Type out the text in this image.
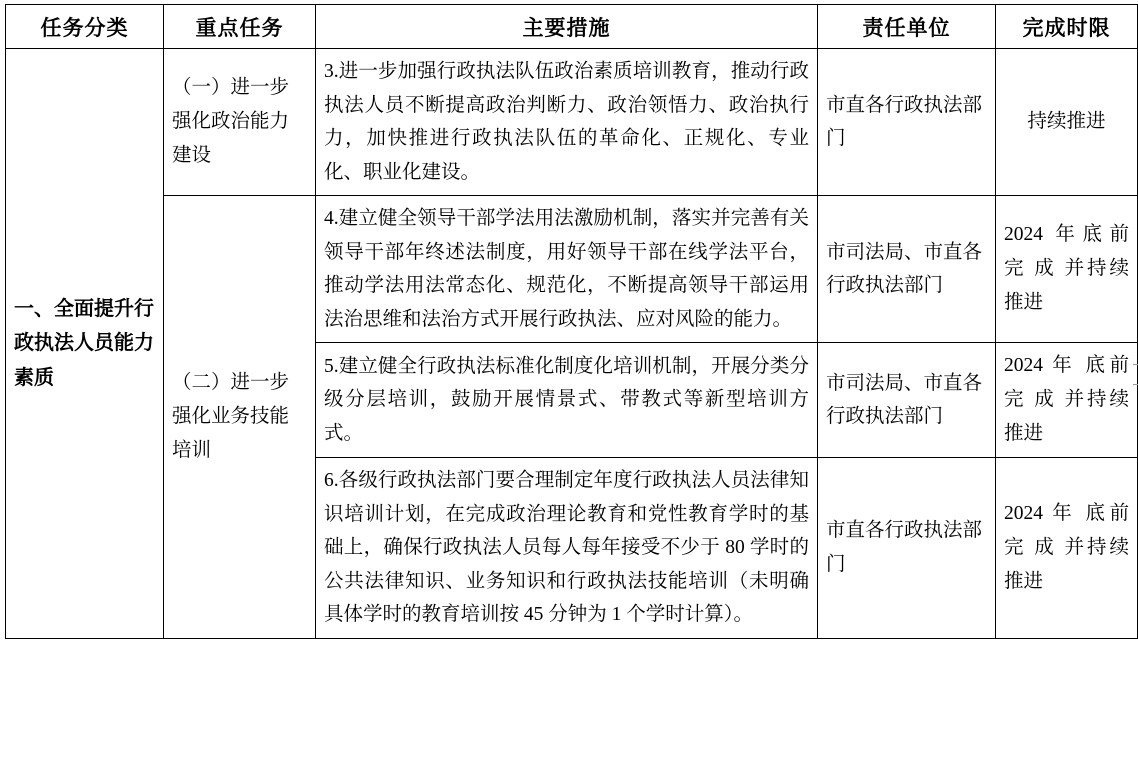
任务分类	重点任务	主要措施	责任单位	完成时限
一、全面提升行政执法人员能力素质	（一）进一步强化政治能力建设	3.进一步加强行政执法队伍政治素质培训教育，推动行政执法人员不断提高政治判断力、政治领悟力、政治执行力，加快推进行政执法队伍的革命化、正规化、专业化、职业化建设。	市直各行政执法部门	持续推进
	（二）进一步强化业务技能培训	4.建立健全领导干部学法用法激励机制，落实并完善有关领导干部年终述法制度，用好领导干部在线学法平台，推动学法用法常态化、规范化，不断提高领导干部运用法治思维和法治方式开展行政执法、应对风险的能力。	市司法局、市直各行政执法部门	2024 年底前 完 成 并持续推进
		5.建立健全行政执法标准化制度化培训机制，开展分类分级分层培训，鼓励开展情景式、带教式等新型培训方式。	市司法局、市直各行政执法部门	2024 年 底前 完 成 并持续推进
		6.各级行政执法部门要合理制定年度行政执法人员法律知识培训计划，在完成政治理论教育和党性教育学时的基础上，确保行政执法人员每人每年接受不少于 80 学时的公共法律知识、业务知识和行政执法技能培训（未明确具体学时的教育培训按 45 分钟为 1 个学时计算）。	市直各行政执法部门	2024 年 底前 完 成 并持续推进
